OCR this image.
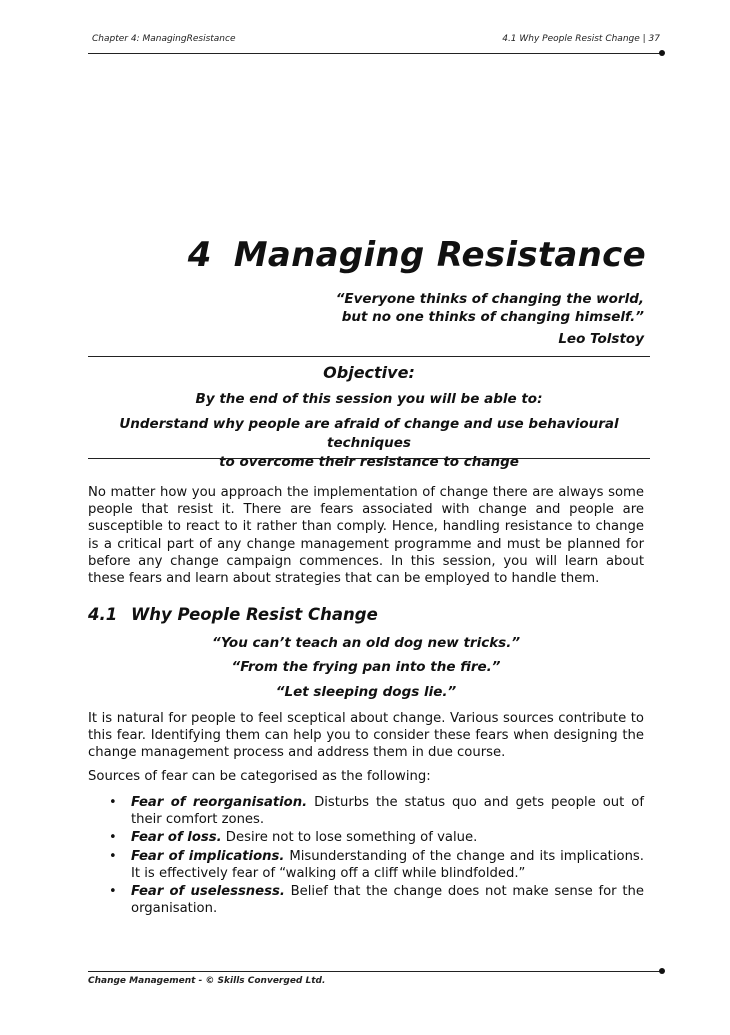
Chapter 4: ManagingResistance	4.1 Why People Resist Change | 37
4 Managing Resistance
“Everyone thinks of changing the world,
but no one thinks of changing himself.”
Leo Tolstoy
Objective:
By the end of this session you will be able to:
Understand why people are afraid of change and use behavioural techniques
to overcome their resistance to change

No matter how you approach the implementation of change there are always some people that resist it. There are fears associated with change and people are susceptible to react to it rather than comply. Hence, handling resistance to change is a critical part of any change management programme and must be planned for before any change campaign commences. In this session, you will learn about these fears and learn about strategies that can be employed to handle them.

4.1 Why People Resist Change
“You can’t teach an old dog new tricks.”
“From the frying pan into the fire.”
“Let sleeping dogs lie.”

It is natural for people to feel sceptical about change. Various sources contribute to this fear. Identifying them can help you to consider these fears when designing the change management process and address them in due course.

Sources of fear can be categorised as the following:

• Fear of reorganisation. Disturbs the status quo and gets people out of their comfort zones.
• Fear of loss. Desire not to lose something of value.
• Fear of implications. Misunderstanding of the change and its implications. It is effectively fear of “walking off a cliff while blindfolded.”
• Fear of uselessness. Belief that the change does not make sense for the organisation.
Change Management - © Skills Converged Ltd.
